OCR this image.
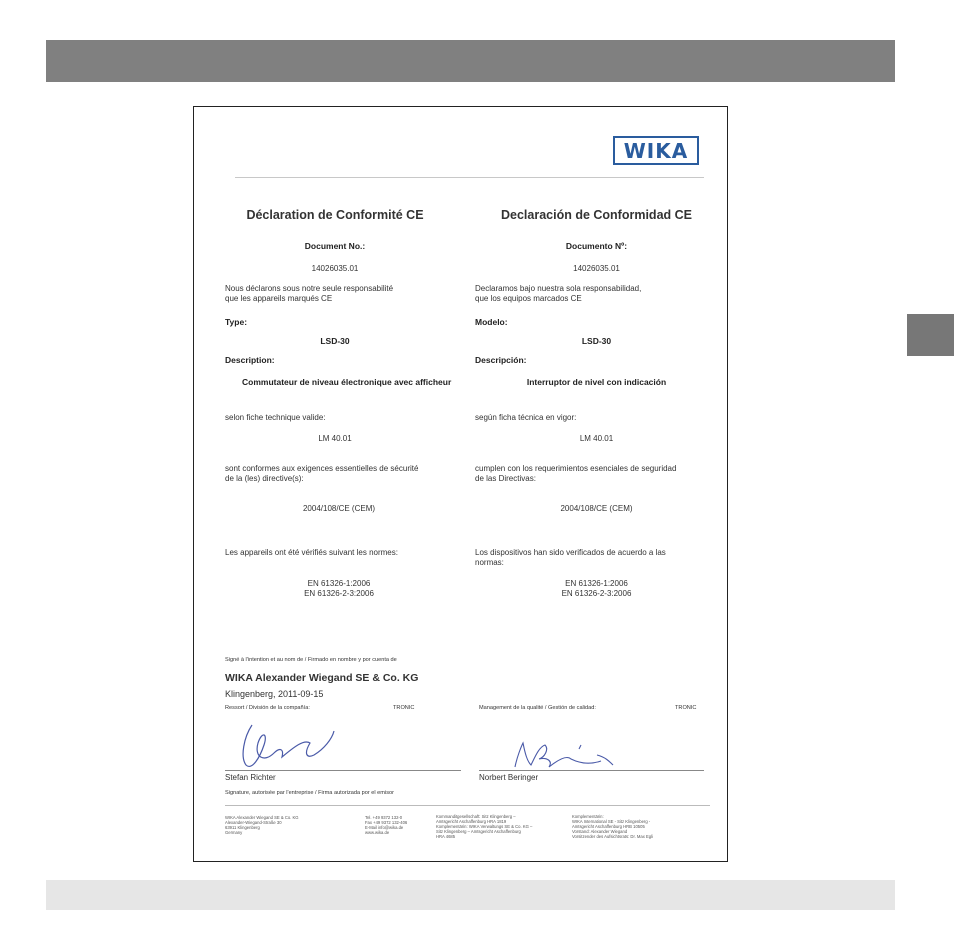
WIKA
Déclaration de Conformité CE
Document No.:
14026035.01
Nous déclarons sous notre seule responsabilité
que les appareils marqués CE
Type:
LSD-30
Description:
Commutateur de niveau électronique avec afficheur
selon fiche technique valide:
LM 40.01
sont conformes aux exigences essentielles de sécurité
de la (les) directive(s):
2004/108/CE (CEM)
Les appareils ont été vérifiés suivant les normes:
EN 61326-1:2006
EN 61326-2-3:2006
Declaración de Conformidad CE
Documento Nº:
14026035.01
Declaramos bajo nuestra sola responsabilidad,
que los equipos marcados CE
Modelo:
LSD-30
Descripción:
Interruptor de nivel con indicación
según ficha técnica en vigor:
LM 40.01
cumplen con los requerimientos esenciales de seguridad
de las Directivas:
2004/108/CE (CEM)
Los dispositivos han sido verificados de acuerdo a las
normas:
EN 61326-1:2006
EN 61326-2-3:2006
Signé à l'intention et au nom de / Firmado en nombre y por cuenta de
WIKA Alexander Wiegand SE & Co. KG
Klingenberg, 2011-09-15
Ressort / División de la compañía:	TRONIC	Management de la qualité / Gestión de calidad:	TRONIC
Stefan Richter	Norbert Beringer
Signature, autorisée par l'entreprise / Firma autorizada por el emisor
WIKA Alexander Wiegand SE & Co. KG
Alexander-Wiegand-Straße 30
63911 Klingenberg
Germany
Tel. +49 9372 132-0
Fax +49 9372 132-406
E-Mail info@wika.de
www.wika.de
Kommanditgesellschaft: Sitz Klingenberg –
Amtsgericht Aschaffenburg HRA 1819
Komplementärin: WIKA Verwaltungs SE & Co. KG –
Sitz Klingenberg – Amtsgericht Aschaffenburg
HRA 4685
Komplementärin:
WIKA International SE - Sitz Klingenberg -
Amtsgericht Aschaffenburg HRB 10505
Vorstand: Alexander Wiegand
Vorsitzender des Aufsichtsrats: Dr. Max Egli
